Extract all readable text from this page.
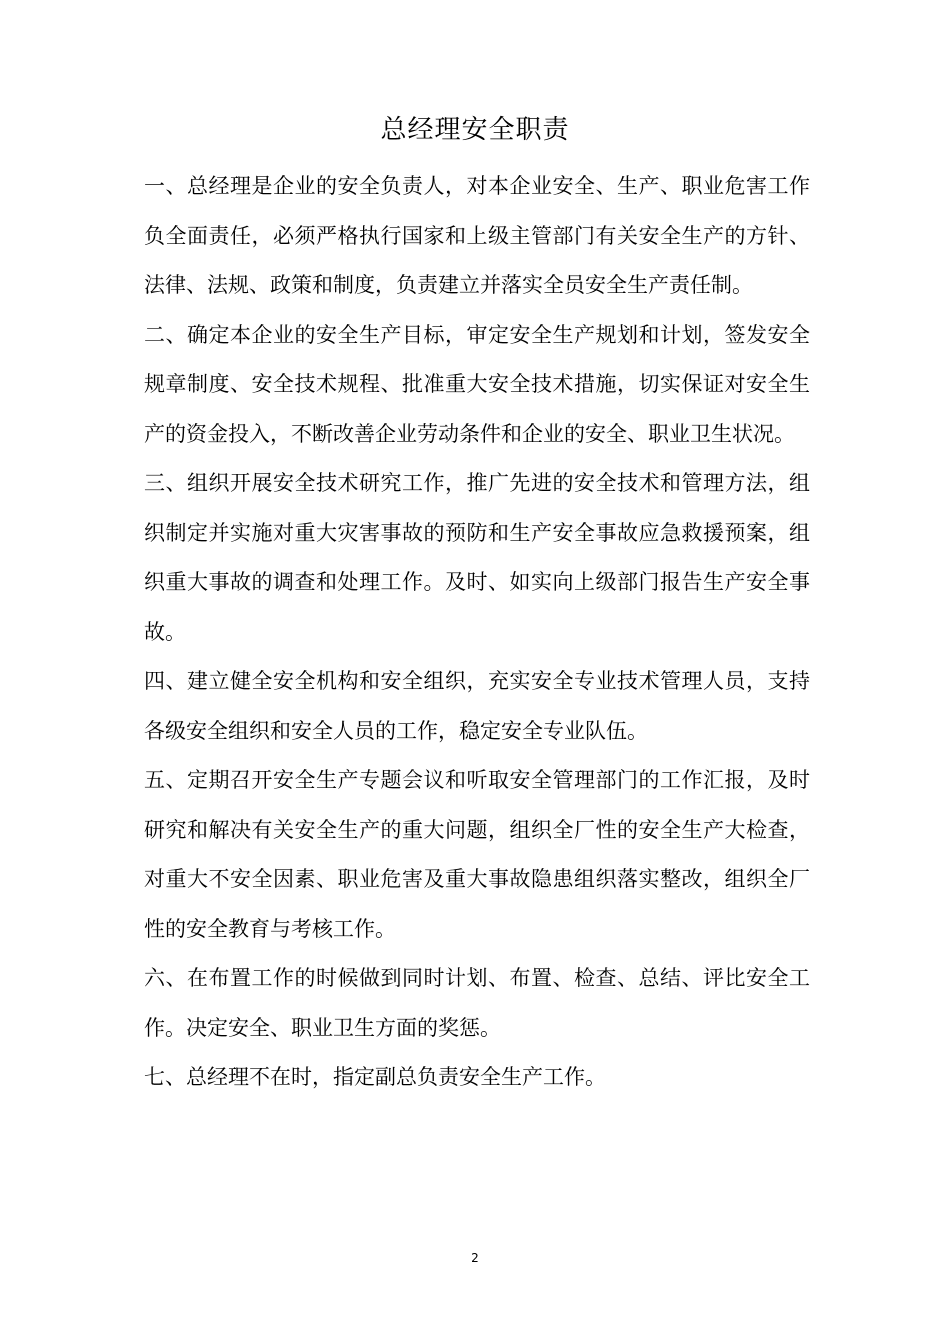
总经理安全职责

一、总经理是企业的安全负责人，对本企业安全、生产、职业危害工作负全面责任，必须严格执行国家和上级主管部门有关安全生产的方针、法律、法规、政策和制度，负责建立并落实全员安全生产责任制。

二、确定本企业的安全生产目标，审定安全生产规划和计划，签发安全规章制度、安全技术规程、批准重大安全技术措施，切实保证对安全生产的资金投入，不断改善企业劳动条件和企业的安全、职业卫生状况。

三、组织开展安全技术研究工作，推广先进的安全技术和管理方法，组织制定并实施对重大灾害事故的预防和生产安全事故应急救援预案，组织重大事故的调查和处理工作。及时、如实向上级部门报告生产安全事故。

四、建立健全安全机构和安全组织，充实安全专业技术管理人员，支持各级安全组织和安全人员的工作，稳定安全专业队伍。

五、定期召开安全生产专题会议和听取安全管理部门的工作汇报，及时研究和解决有关安全生产的重大问题，组织全厂性的安全生产大检查，对重大不安全因素、职业危害及重大事故隐患组织落实整改，组织全厂性的安全教育与考核工作。

六、在布置工作的时候做到同时计划、布置、检查、总结、评比安全工作。决定安全、职业卫生方面的奖惩。

七、总经理不在时，指定副总负责安全生产工作。

2
